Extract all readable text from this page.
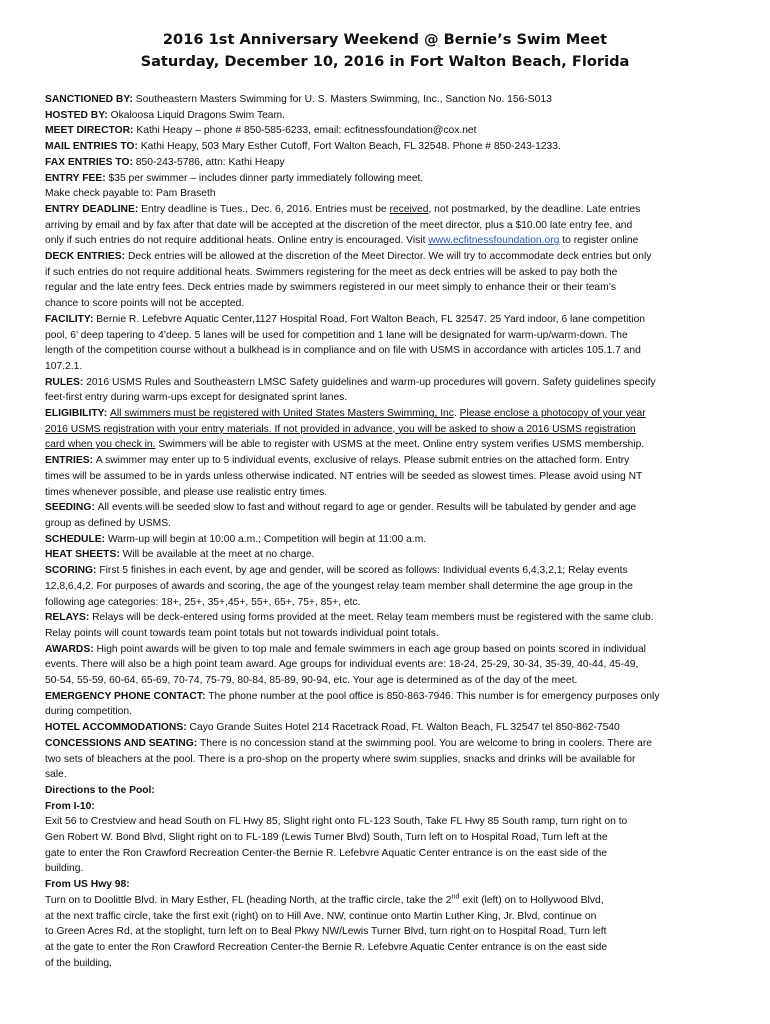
2016 1st Anniversary Weekend @ Bernie’s Swim Meet
Saturday, December 10, 2016 in Fort Walton Beach, Florida
SANCTIONED BY: Southeastern Masters Swimming for U. S. Masters Swimming, Inc., Sanction No. 156-S013
HOSTED BY: Okaloosa Liquid Dragons Swim Team.
MEET DIRECTOR: Kathi Heapy – phone # 850-585-6233, email: ecfitnessfoundation@cox.net
MAIL ENTRIES TO: Kathi Heapy, 503 Mary Esther Cutoff, Fort Walton Beach, FL 32548. Phone # 850-243-1233.
FAX ENTRIES TO: 850-243-5786, attn: Kathi Heapy
ENTRY FEE: $35 per swimmer – includes dinner party immediately following meet.
Make check payable to: Pam Braseth
ENTRY DEADLINE: Entry deadline is Tues., Dec. 6, 2016. Entries must be received, not postmarked, by the deadline. Late entries
arriving by email and by fax after that date will be accepted at the discretion of the meet director, plus a $10.00 late entry fee, and
only if such entries do not require additional heats. Online entry is encouraged. Visit www.ecfitnessfoundation.org to register online
DECK ENTRIES: Deck entries will be allowed at the discretion of the Meet Director. We will try to accommodate deck entries but only
if such entries do not require additional heats. Swimmers registering for the meet as deck entries will be asked to pay both the
regular and the late entry fees. Deck entries made by swimmers registered in our meet simply to enhance their or their team’s
chance to score points will not be accepted.
FACILITY: Bernie R. Lefebvre Aquatic Center,1127 Hospital Road, Fort Walton Beach, FL 32547. 25 Yard indoor, 6 lane competition
pool, 6’ deep tapering to 4’deep. 5 lanes will be used for competition and 1 lane will be designated for warm-up/warm-down. The
length of the competition course without a bulkhead is in compliance and on file with USMS in accordance with articles 105.1.7 and
107.2.1.
RULES: 2016 USMS Rules and Southeastern LMSC Safety guidelines and warm-up procedures will govern. Safety guidelines specify
feet-first entry during warm-ups except for designated sprint lanes.
ELIGIBILITY: All swimmers must be registered with United States Masters Swimming, Inc. Please enclose a photocopy of your year
2016 USMS registration with your entry materials. If not provided in advance, you will be asked to show a 2016 USMS registration
card when you check in. Swimmers will be able to register with USMS at the meet. Online entry system verifies USMS membership.
ENTRIES: A swimmer may enter up to 5 individual events, exclusive of relays. Please submit entries on the attached form. Entry
times will be assumed to be in yards unless otherwise indicated. NT entries will be seeded as slowest times. Please avoid using NT
times whenever possible, and please use realistic entry times.
SEEDING: All events will be seeded slow to fast and without regard to age or gender. Results will be tabulated by gender and age
group as defined by USMS.
SCHEDULE: Warm-up will begin at 10:00 a.m.; Competition will begin at 11:00 a.m.
HEAT SHEETS: Will be available at the meet at no charge.
SCORING: First 5 finishes in each event, by age and gender, will be scored as follows: Individual events 6,4,3,2,1; Relay events
12,8,6,4,2. For purposes of awards and scoring, the age of the youngest relay team member shall determine the age group in the
following age categories: 18+, 25+, 35+,45+, 55+, 65+, 75+, 85+, etc.
RELAYS: Relays will be deck-entered using forms provided at the meet. Relay team members must be registered with the same club.
Relay points will count towards team point totals but not towards individual point totals.
AWARDS: High point awards will be given to top male and female swimmers in each age group based on points scored in individual
events. There will also be a high point team award. Age groups for individual events are: 18-24, 25-29, 30-34, 35-39, 40-44, 45-49,
50-54, 55-59, 60-64, 65-69, 70-74, 75-79, 80-84, 85-89, 90-94, etc. Your age is determined as of the day of the meet.
EMERGENCY PHONE CONTACT: The phone number at the pool office is 850-863-7946. This number is for emergency purposes only
during competition.
HOTEL ACCOMMODATIONS: Cayo Grande Suites Hotel 214 Racetrack Road, Ft. Walton Beach, FL 32547 tel 850-862-7540
CONCESSIONS AND SEATING: There is no concession stand at the swimming pool. You are welcome to bring in coolers. There are
two sets of bleachers at the pool. There is a pro-shop on the property where swim supplies, snacks and drinks will be available for
sale.
Directions to the Pool:
From I-10:
Exit 56 to Crestview and head South on FL Hwy 85, Slight right onto FL-123 South, Take FL Hwy 85 South ramp, turn right on to
Gen Robert W. Bond Blvd, Slight right on to FL-189 (Lewis Turner Blvd) South, Turn left on to Hospital Road, Turn left at the
gate to enter the Ron Crawford Recreation Center-the Bernie R. Lefebvre Aquatic Center entrance is on the east side of the
building.
From US Hwy 98:
Turn on to Doolittle Blvd. in Mary Esther, FL (heading North, at the traffic circle, take the 2nd exit (left) on to Hollywood Blvd,
at the next traffic circle, take the first exit (right) on to Hill Ave. NW, continue onto Martin Luther King, Jr. Blvd, continue on
to Green Acres Rd, at the stoplight, turn left on to Beal Pkwy NW/Lewis Turner Blvd, turn right on to Hospital Road, Turn left
at the gate to enter the Ron Crawford Recreation Center-the Bernie R. Lefebvre Aquatic Center entrance is on the east side
of the building.
